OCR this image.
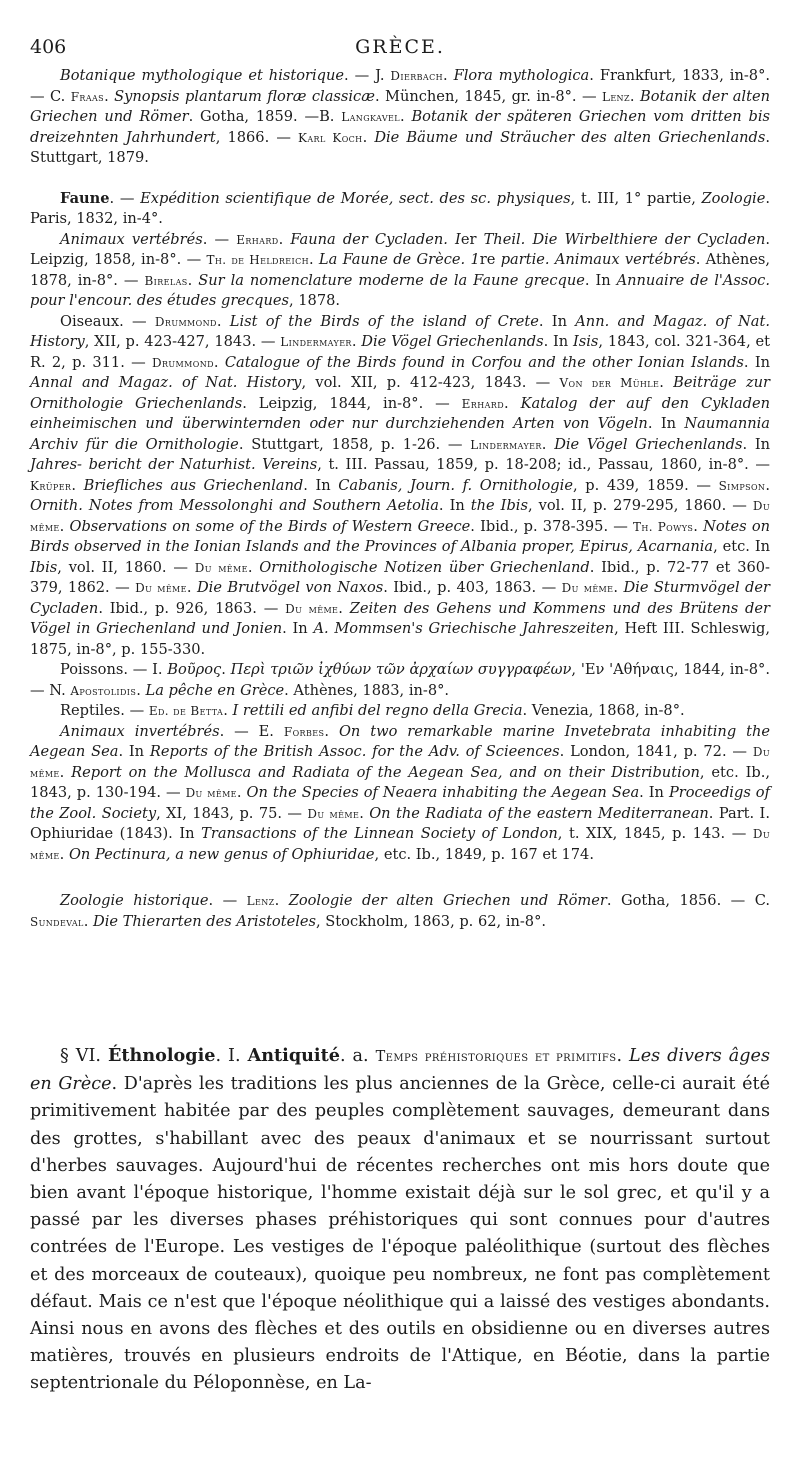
406	GRÈCE.

Botanique mythologique et historique. — J. Dierbach. Flora mythologica. Frankfurt, 1833, in-8°. — C. Fraas. Synopsis plantarum floræ classicæ. München, 1845, gr. in-8°. — Lenz. Botanik der alten Griechen und Römer. Gotha, 1859. —B. Langkavel. Botanik der späteren Griechen vom dritten bis dreizehnten Jahrhundert, 1866. — Karl Koch. Die Bäume und Sträucher des alten Griechenlands. Stuttgart, 1879.

Faune. — Expédition scientifique de Morée, sect. des sc. physiques, t. III, 1° partie, Zoologie. Paris, 1832, in-4°.

Animaux vertébrés. — Erhard. Fauna der Cycladen. Ier Theil. Die Wirbelthiere der Cycladen. Leipzig, 1858, in-8°. — Th. de Heldreich. La Faune de Grèce. 1re partie. Animaux vertébrés. Athènes, 1878, in-8°. — Birelas. Sur la nomenclature moderne de la Faune grecque. In Annuaire de l'Assoc. pour l'encour. des études grecques, 1878.

Oiseaux. — Drummond. List of the Birds of the island of Crete. In Ann. and Magaz. of Nat. History, XII, p. 423-427, 1843. — Lindermayer. Die Vögel Griechenlands. In Isis, 1843, col. 321-364, et R. 2, p. 311. — Drummond. Catalogue of the Birds found in Corfou and the other Ionian Islands. In Annal and Magaz. of Nat. History, vol. XII, p. 412-423, 1843. — Von der Mühle. Beiträge zur Ornithologie Griechenlands. Leipzig, 1844, in-8°. — Erhard. Katalog der auf den Cykladen einheimischen und überwinternden oder nur durchziehenden Arten von Vögeln. In Naumannia Archiv für die Ornithologie. Stuttgart, 1858, p. 1-26. — Lindermayer. Die Vögel Griechenlands. In Jahres- bericht der Naturhist. Vereins, t. III. Passau, 1859, p. 18-208; id., Passau, 1860, in-8°. — Krüper. Briefliches aus Griechenland. In Cabanis, Journ. f. Ornithologie, p. 439, 1859. — Simpson. Ornith. Notes from Messolonghi and Southern Aetolia. In the Ibis, vol. II, p. 279-295, 1860. — Du même. Observations on some of the Birds of Western Greece. Ibid., p. 378-395. — Th. Powys. Notes on Birds observed in the Ionian Islands and the Provinces of Albania proper, Epirus, Acarnania, etc. In Ibis, vol. II, 1860. — Du même. Ornithologische Notizen über Griechenland. Ibid., p. 72-77 et 360-379, 1862. — Du même. Die Brutvögel von Naxos. Ibid., p. 403, 1863. — Du même. Die Sturmvögel der Cycladen. Ibid., p. 926, 1863. — Du même. Zeiten des Gehens und Kommens und des Brütens der Vögel in Griechenland und Jonien. In A. Mommsen's Griechische Jahreszeiten, Heft III. Schleswig, 1875, in-8°, p. 155-330.

Poissons. — I. Βοῦρος. Περὶ τριῶν ἰχθύων τῶν ἀρχαίων συγγραφέων, 'Εν 'Αθήναις, 1844, in-8°. — N. Apostolidis. La pêche en Grèce. Athènes, 1883, in-8°.

Reptiles. — Ed. de Betta. I rettili ed anfibi del regno della Grecia. Venezia, 1868, in-8°.

Animaux invertébrés. — E. Forbes. On two remarkable marine Invetebrata inhabiting the Aegean Sea. In Reports of the British Assoc. for the Adv. of Scieences. London, 1841, p. 72. — Du même. Report on the Mollusca and Radiata of the Aegean Sea, and on their Distribution, etc. Ib., 1843, p. 130-194. — Du même. On the Species of Neaera inhabiting the Aegean Sea. In Proceedigs of the Zool. Society, XI, 1843, p. 75. — Du même. On the Radiata of the eastern Mediterranean. Part. I. Ophiuridae (1843). In Transactions of the Linnean Society of London, t. XIX, 1845, p. 143. — Du même. On Pectinura, a new genus of Ophiuridae, etc. Ib., 1849, p. 167 et 174.

Zoologie historique. — Lenz. Zoologie der alten Griechen und Römer. Gotha, 1856. — C. Sundeval. Die Thierarten des Aristoteles, Stockholm, 1863, p. 62, in-8°.

§ VI. Éthnologie. I. Antiquité. a. Temps préhistoriques et primitifs. Les divers âges en Grèce. D'après les traditions les plus anciennes de la Grèce, celle-ci aurait été primitivement habitée par des peuples complètement sauvages, demeurant dans des grottes, s'habillant avec des peaux d'animaux et se nourrissant surtout d'herbes sauvages. Aujourd'hui de récentes recherches ont mis hors doute que bien avant l'époque historique, l'homme existait déjà sur le sol grec, et qu'il y a passé par les diverses phases préhistoriques qui sont connues pour d'autres contrées de l'Europe. Les vestiges de l'époque paléolithique (surtout des flèches et des morceaux de couteaux), quoique peu nombreux, ne font pas complètement défaut. Mais ce n'est que l'époque néolithique qui a laissé des vestiges abondants. Ainsi nous en avons des flèches et des outils en obsidienne ou en diverses autres matières, trouvés en plusieurs endroits de l'Attique, en Béotie, dans la partie septentrionale du Péloponnèse, en La-
